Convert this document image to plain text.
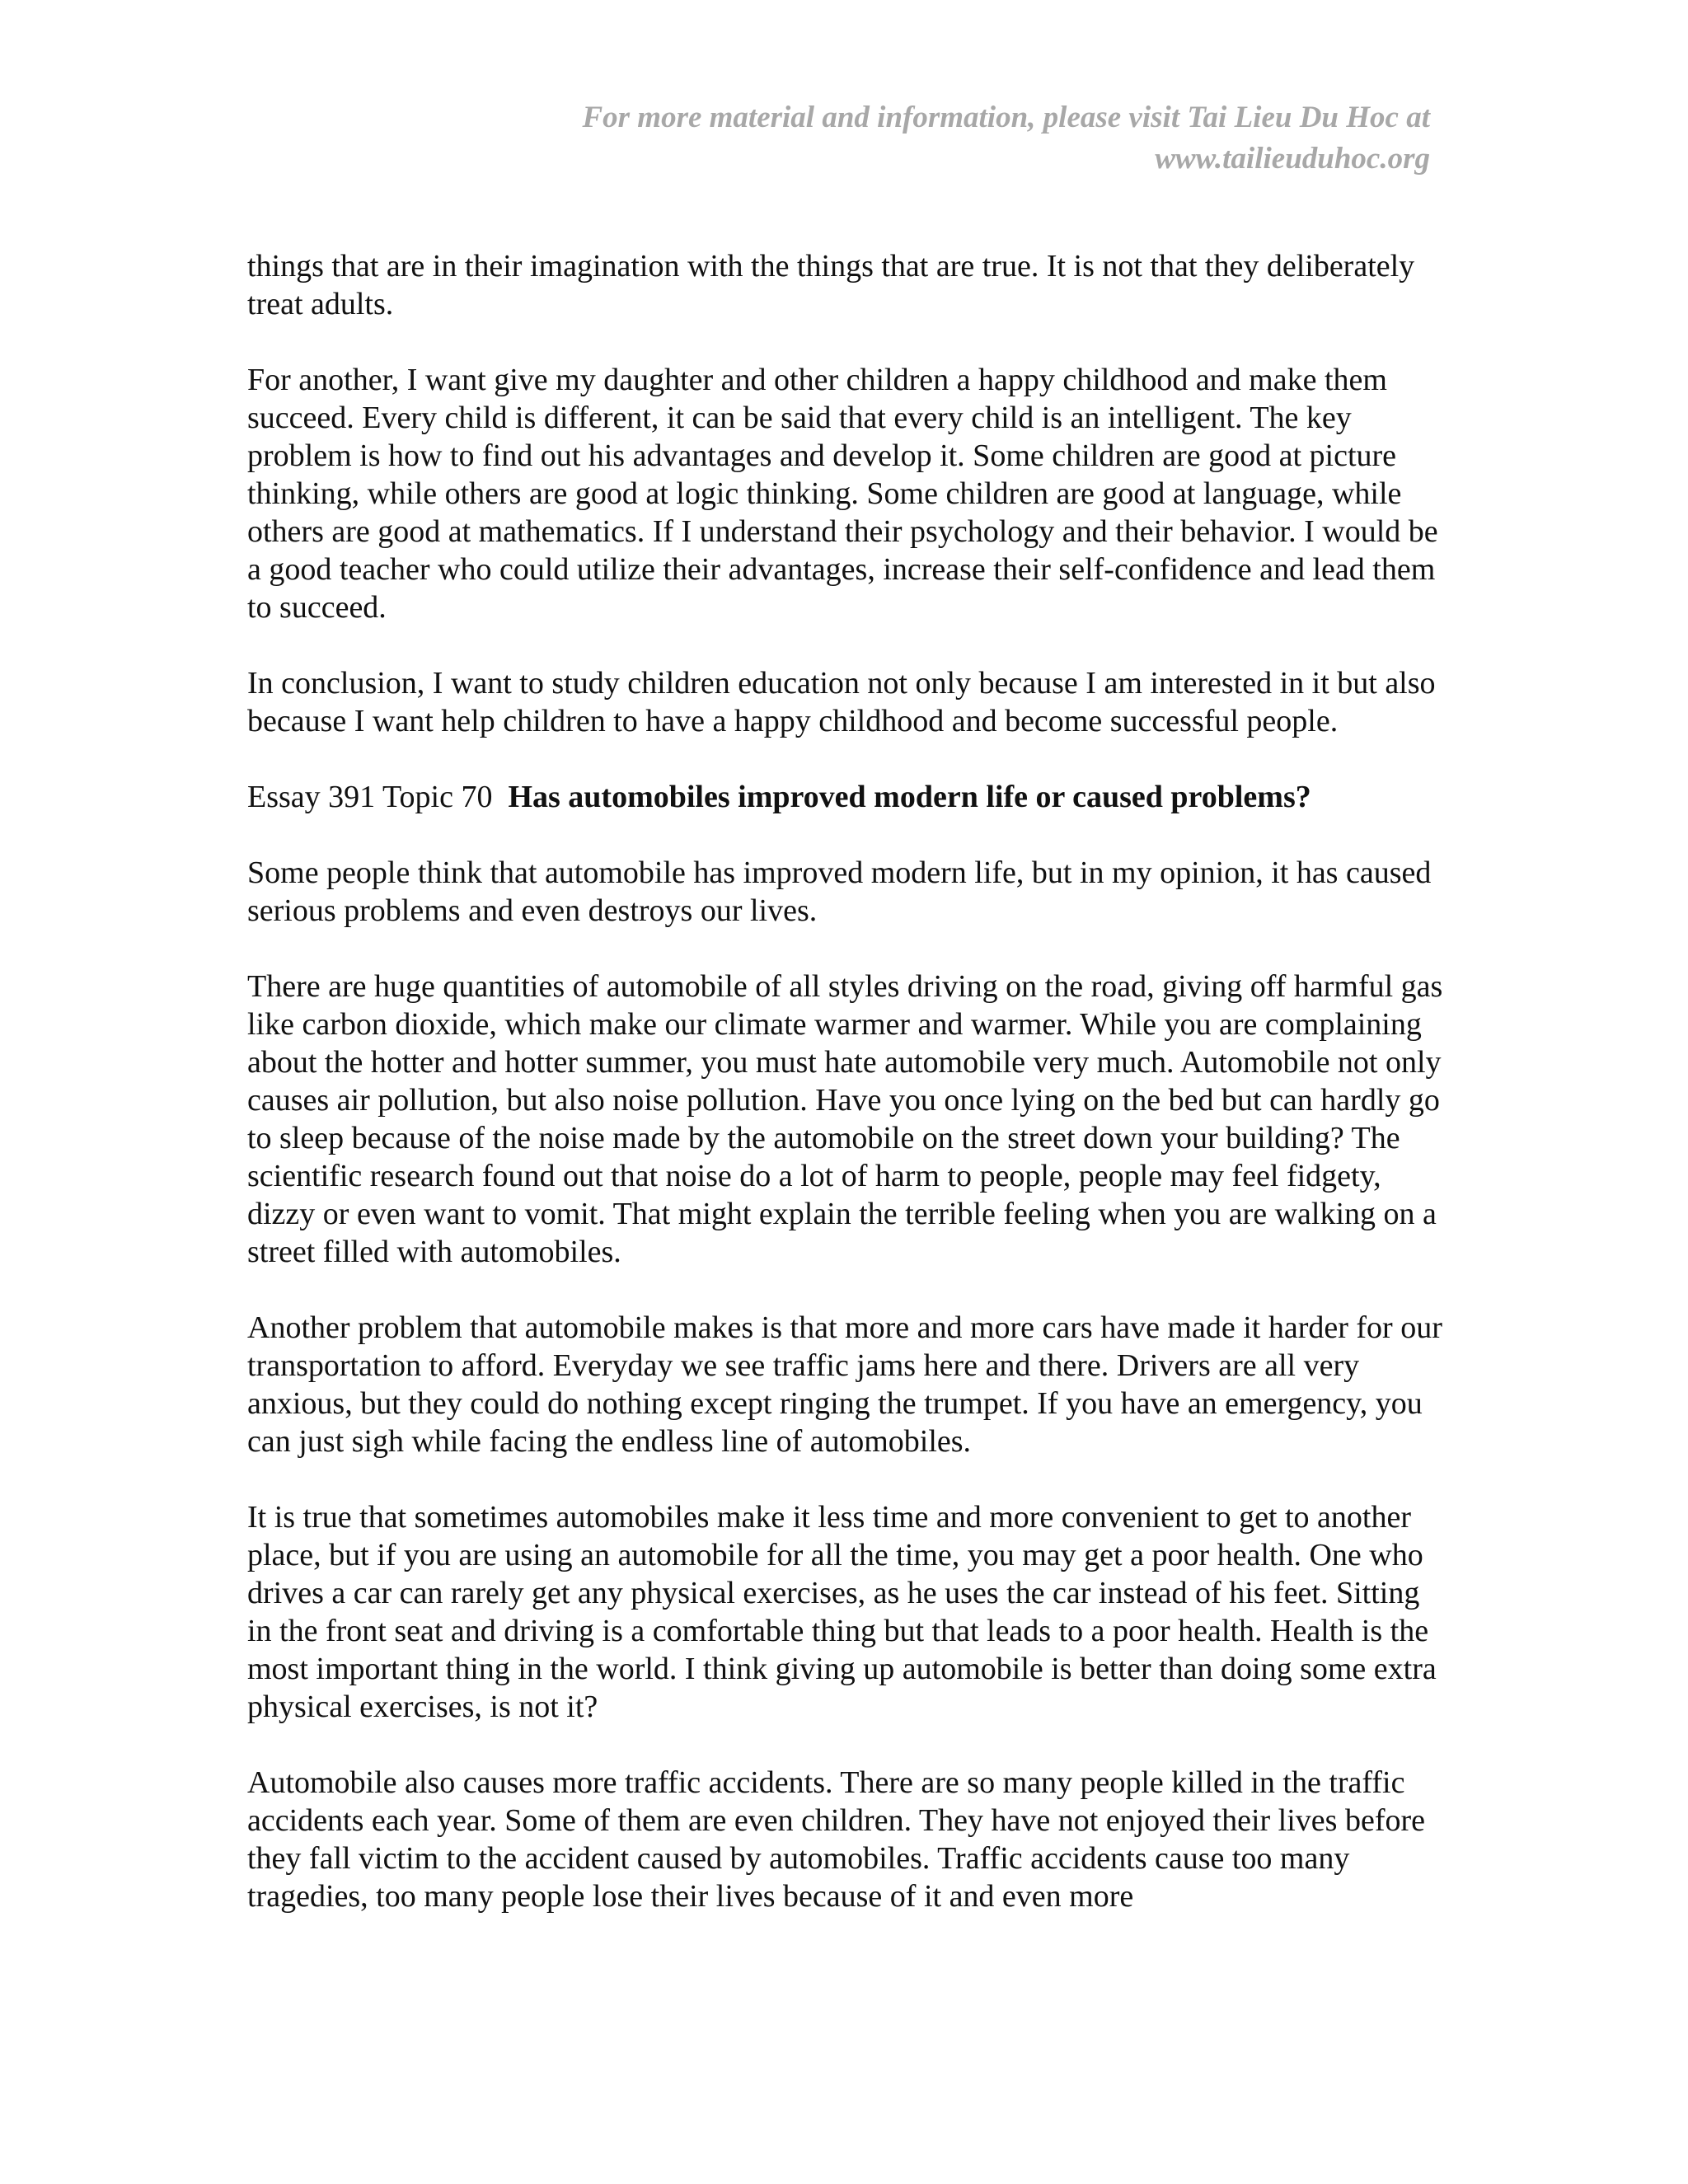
For more material and information, please visit Tai Lieu Du Hoc at
www.tailieuduhoc.org

things that are in their imagination with the things that are true. It is not that they deliberately treat adults.

For another, I want give my daughter and other children a happy childhood and make them succeed. Every child is different, it can be said that every child is an intelligent. The key problem is how to find out his advantages and develop it. Some children are good at picture thinking, while others are good at logic thinking. Some children are good at language, while others are good at mathematics. If I understand their psychology and their behavior. I would be a good teacher who could utilize their advantages, increase their self-confidence and lead them to succeed.

In conclusion, I want to study children education not only because I am interested in it but also because I want help children to have a happy childhood and become successful people.

Essay 391 Topic 70 Has automobiles improved modern life or caused problems?

Some people think that automobile has improved modern life, but in my opinion, it has caused serious problems and even destroys our lives.

There are huge quantities of automobile of all styles driving on the road, giving off harmful gas like carbon dioxide, which make our climate warmer and warmer. While you are complaining about the hotter and hotter summer, you must hate automobile very much. Automobile not only causes air pollution, but also noise pollution. Have you once lying on the bed but can hardly go to sleep because of the noise made by the automobile on the street down your building? The scientific research found out that noise do a lot of harm to people, people may feel fidgety, dizzy or even want to vomit. That might explain the terrible feeling when you are walking on a street filled with automobiles.

Another problem that automobile makes is that more and more cars have made it harder for our transportation to afford. Everyday we see traffic jams here and there. Drivers are all very anxious, but they could do nothing except ringing the trumpet. If you have an emergency, you can just sigh while facing the endless line of automobiles.

It is true that sometimes automobiles make it less time and more convenient to get to another place, but if you are using an automobile for all the time, you may get a poor health. One who drives a car can rarely get any physical exercises, as he uses the car instead of his feet. Sitting in the front seat and driving is a comfortable thing but that leads to a poor health. Health is the most important thing in the world. I think giving up automobile is better than doing some extra physical exercises, is not it?

Automobile also causes more traffic accidents. There are so many people killed in the traffic accidents each year. Some of them are even children. They have not enjoyed their lives before they fall victim to the accident caused by automobiles. Traffic accidents cause too many tragedies, too many people lose their lives because of it and even more
